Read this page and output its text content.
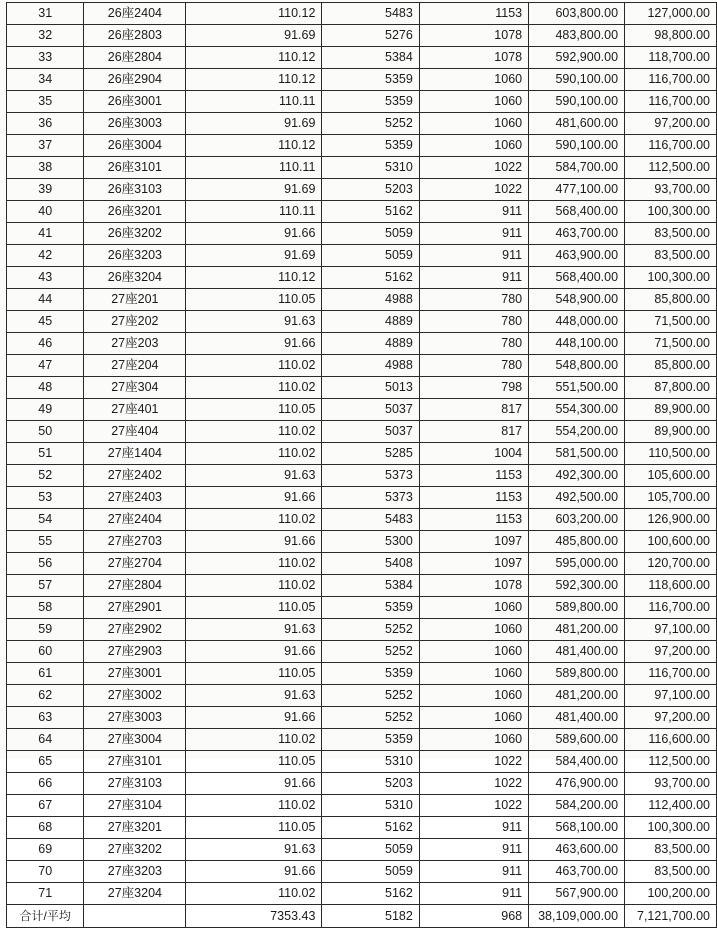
31	26座2404	110.12	5483	1153	603,800.00	127,000.00
32	26座2803	91.69	5276	1078	483,800.00	98,800.00
33	26座2804	110.12	5384	1078	592,900.00	118,700.00
34	26座2904	110.12	5359	1060	590,100.00	116,700.00
35	26座3001	110.11	5359	1060	590,100.00	116,700.00
36	26座3003	91.69	5252	1060	481,600.00	97,200.00
37	26座3004	110.12	5359	1060	590,100.00	116,700.00
38	26座3101	110.11	5310	1022	584,700.00	112,500.00
39	26座3103	91.69	5203	1022	477,100.00	93,700.00
40	26座3201	110.11	5162	911	568,400.00	100,300.00
41	26座3202	91.66	5059	911	463,700.00	83,500.00
42	26座3203	91.69	5059	911	463,900.00	83,500.00
43	26座3204	110.12	5162	911	568,400.00	100,300.00
44	27座201	110.05	4988	780	548,900.00	85,800.00
45	27座202	91.63	4889	780	448,000.00	71,500.00
46	27座203	91.66	4889	780	448,100.00	71,500.00
47	27座204	110.02	4988	780	548,800.00	85,800.00
48	27座304	110.02	5013	798	551,500.00	87,800.00
49	27座401	110.05	5037	817	554,300.00	89,900.00
50	27座404	110.02	5037	817	554,200.00	89,900.00
51	27座1404	110.02	5285	1004	581,500.00	110,500.00
52	27座2402	91.63	5373	1153	492,300.00	105,600.00
53	27座2403	91.66	5373	1153	492,500.00	105,700.00
54	27座2404	110.02	5483	1153	603,200.00	126,900.00
55	27座2703	91.66	5300	1097	485,800.00	100,600.00
56	27座2704	110.02	5408	1097	595,000.00	120,700.00
57	27座2804	110.02	5384	1078	592,300.00	118,600.00
58	27座2901	110.05	5359	1060	589,800.00	116,700.00
59	27座2902	91.63	5252	1060	481,200.00	97,100.00
60	27座2903	91.66	5252	1060	481,400.00	97,200.00
61	27座3001	110.05	5359	1060	589,800.00	116,700.00
62	27座3002	91.63	5252	1060	481,200.00	97,100.00
63	27座3003	91.66	5252	1060	481,400.00	97,200.00
64	27座3004	110.02	5359	1060	589,600.00	116,600.00
65	27座3101	110.05	5310	1022	584,400.00	112,500.00
66	27座3103	91.66	5203	1022	476,900.00	93,700.00
67	27座3104	110.02	5310	1022	584,200.00	112,400.00
68	27座3201	110.05	5162	911	568,100.00	100,300.00
69	27座3202	91.63	5059	911	463,600.00	83,500.00
70	27座3203	91.66	5059	911	463,700.00	83,500.00
71	27座3204	110.02	5162	911	567,900.00	100,200.00
合计/平均		7353.43	5182	968	38,109,000.00	7,121,700.00
